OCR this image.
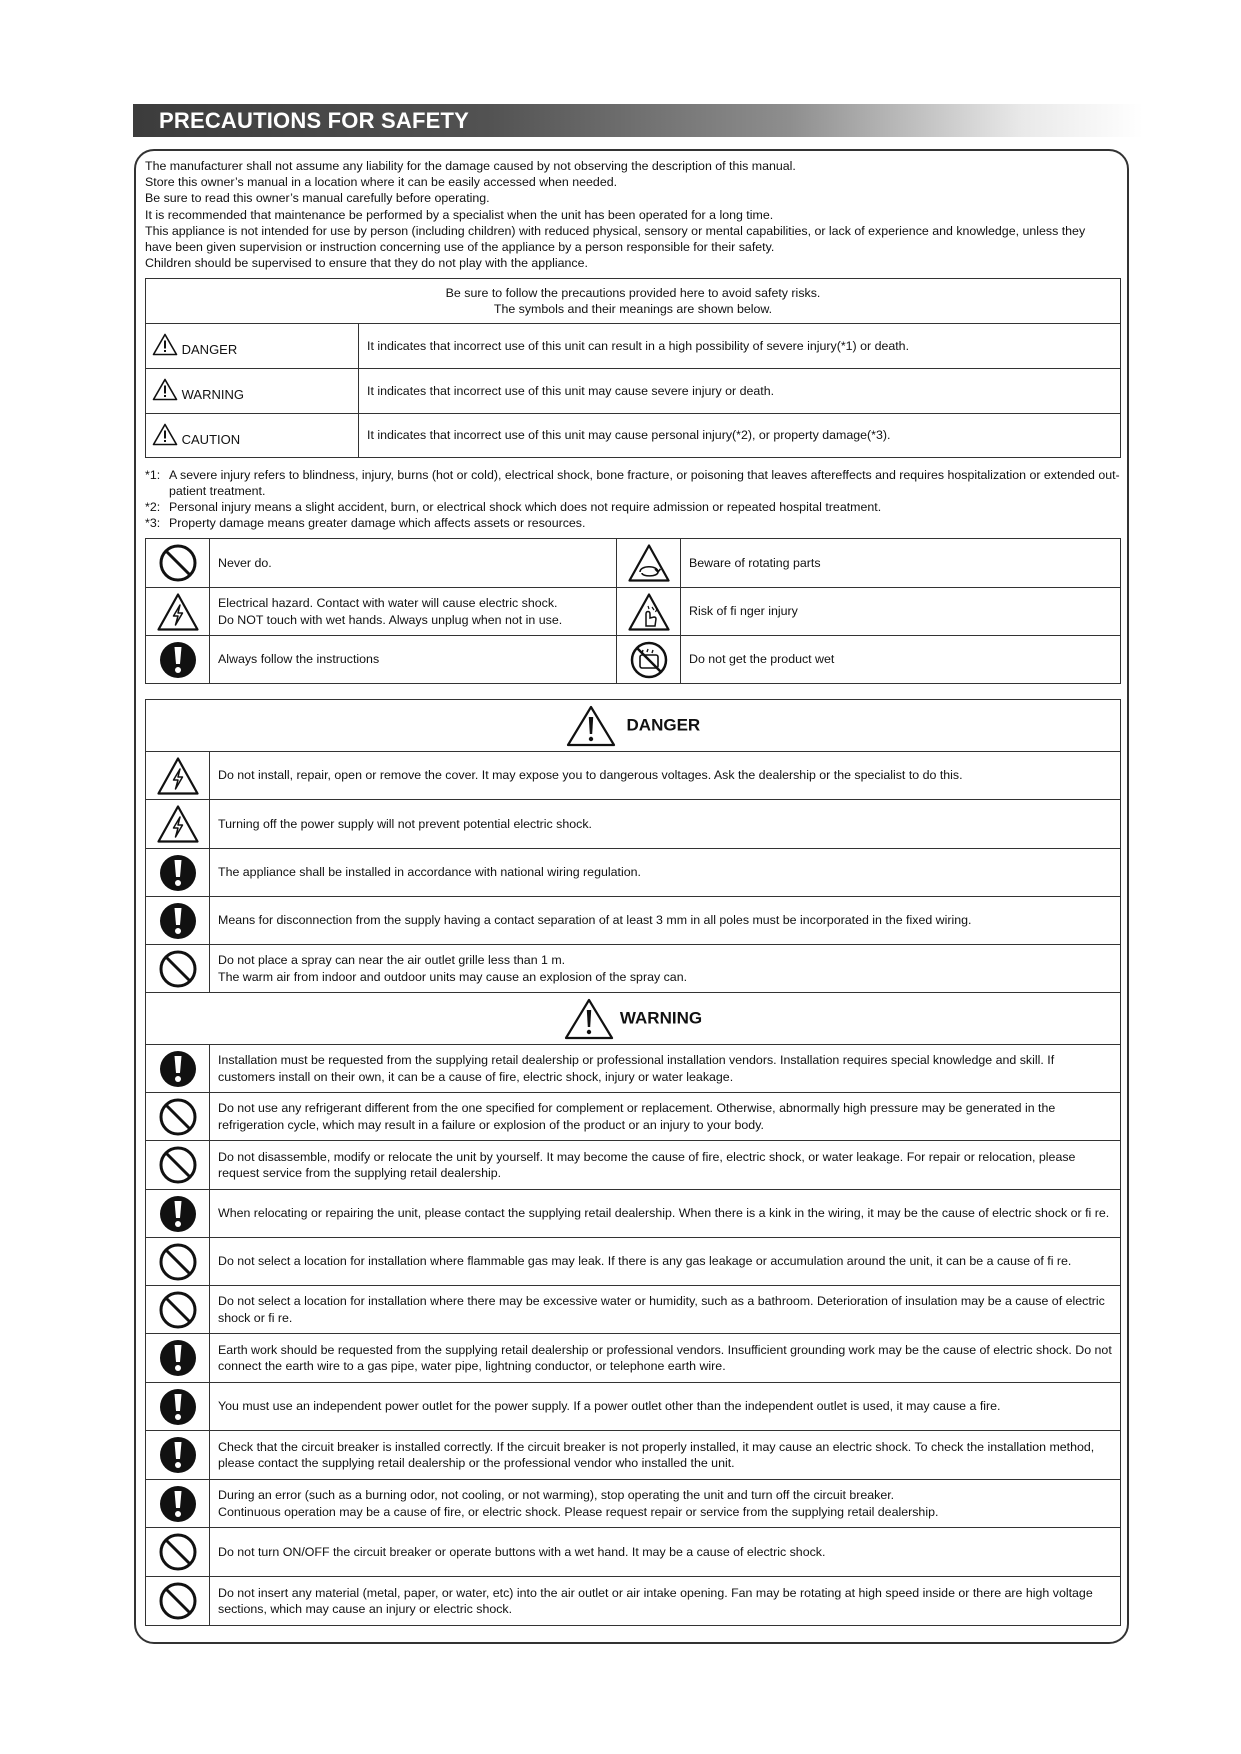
PRECAUTIONS FOR SAFETY
The manufacturer shall not assume any liability for the damage caused by not observing the description of this manual.
Store this owner’s manual in a location where it can be easily accessed when needed.
Be sure to read this owner’s manual carefully before operating.
It is recommended that maintenance be performed by a specialist when the unit has been operated for a long time.
This appliance is not intended for use by person (including children) with reduced physical, sensory or mental capabilities, or lack of experience and knowledge, unless they have been given supervision or instruction concerning use of the appliance by a person responsible for their safety.
Children should be supervised to ensure that they do not play with the appliance.
Be sure to follow the precautions provided here to avoid safety risks.
The symbols and their meanings are shown below.	

DANGER	It indicates that incorrect use of this unit can result in a high possibility of severe injury(*1) or death.
WARNING	It indicates that incorrect use of this unit may cause severe injury or death.
CAUTION	It indicates that incorrect use of this unit may cause personal injury(*2), or property damage(*3).
*1: A severe injury refers to blindness, injury, burns (hot or cold), electrical shock, bone fracture, or poisoning that leaves aftereffects and requires hospitalization or extended out-patient treatment.
*2: Personal injury means a slight accident, burn, or electrical shock which does not require admission or repeated hospital treatment.
*3: Property damage means greater damage which affects assets or resources.
	Never do.		Beware of rotating parts

	Electrical hazard. Contact with water will cause electric shock.
Do NOT touch with wet hands. Always unplug when not in use.		Risk of fi nger injury

	Always follow the instructions		Do not get the product wet
DANGER	

	Do not install, repair, open or remove the cover. It may expose you to dangerous voltages. Ask the dealership or the specialist to do this.

	Turning off the power supply will not prevent potential electric shock.

	The appliance shall be installed in accordance with national wiring regulation.

	Means for disconnection from the supply having a contact separation of at least 3 mm in all poles must be incorporated in the fixed wiring.

	Do not place a spray can near the air outlet grille less than 1 m.
The warm air from indoor and outdoor units may cause an explosion of the spray can.
WARNING	

	Installation must be requested from the supplying retail dealership or professional installation vendors. Installation requires special knowledge and skill. If customers install on their own, it can be a cause of fire, electric shock, injury or water leakage.

	Do not use any refrigerant different from the one specified for complement or replacement. Otherwise, abnormally high pressure may be generated in the refrigeration cycle, which may result in a failure or explosion of the product or an injury to your body.

	Do not disassemble, modify or relocate the unit by yourself. It may become the cause of fire, electric shock, or water leakage. For repair or relocation, please request service from the supplying retail dealership.

	When relocating or repairing the unit, please contact the supplying retail dealership. When there is a kink in the wiring, it may be the cause of electric shock or fi re.

	Do not select a location for installation where flammable gas may leak. If there is any gas leakage or accumulation around the unit, it can be a cause of fi re.

	Do not select a location for installation where there may be excessive water or humidity, such as a bathroom. Deterioration of insulation may be a cause of electric shock or fi re.

	Earth work should be requested from the supplying retail dealership or professional vendors. Insufficient grounding work may be the cause of electric shock. Do not connect the earth wire to a gas pipe, water pipe, lightning conductor, or telephone earth wire.

	You must use an independent power outlet for the power supply. If a power outlet other than the independent outlet is used, it may cause a fire.

	Check that the circuit breaker is installed correctly. If the circuit breaker is not properly installed, it may cause an electric shock. To check the installation method, please contact the supplying retail dealership or the professional vendor who installed the unit.

	During an error (such as a burning odor, not cooling, or not warming), stop operating the unit and turn off the circuit breaker.
Continuous operation may be a cause of fire, or electric shock. Please request repair or service from the supplying retail dealership.

	Do not turn ON/OFF the circuit breaker or operate buttons with a wet hand. It may be a cause of electric shock.

	Do not insert any material (metal, paper, or water, etc) into the air outlet or air intake opening. Fan may be rotating at high speed inside or there are high voltage sections, which may cause an injury or electric shock.
